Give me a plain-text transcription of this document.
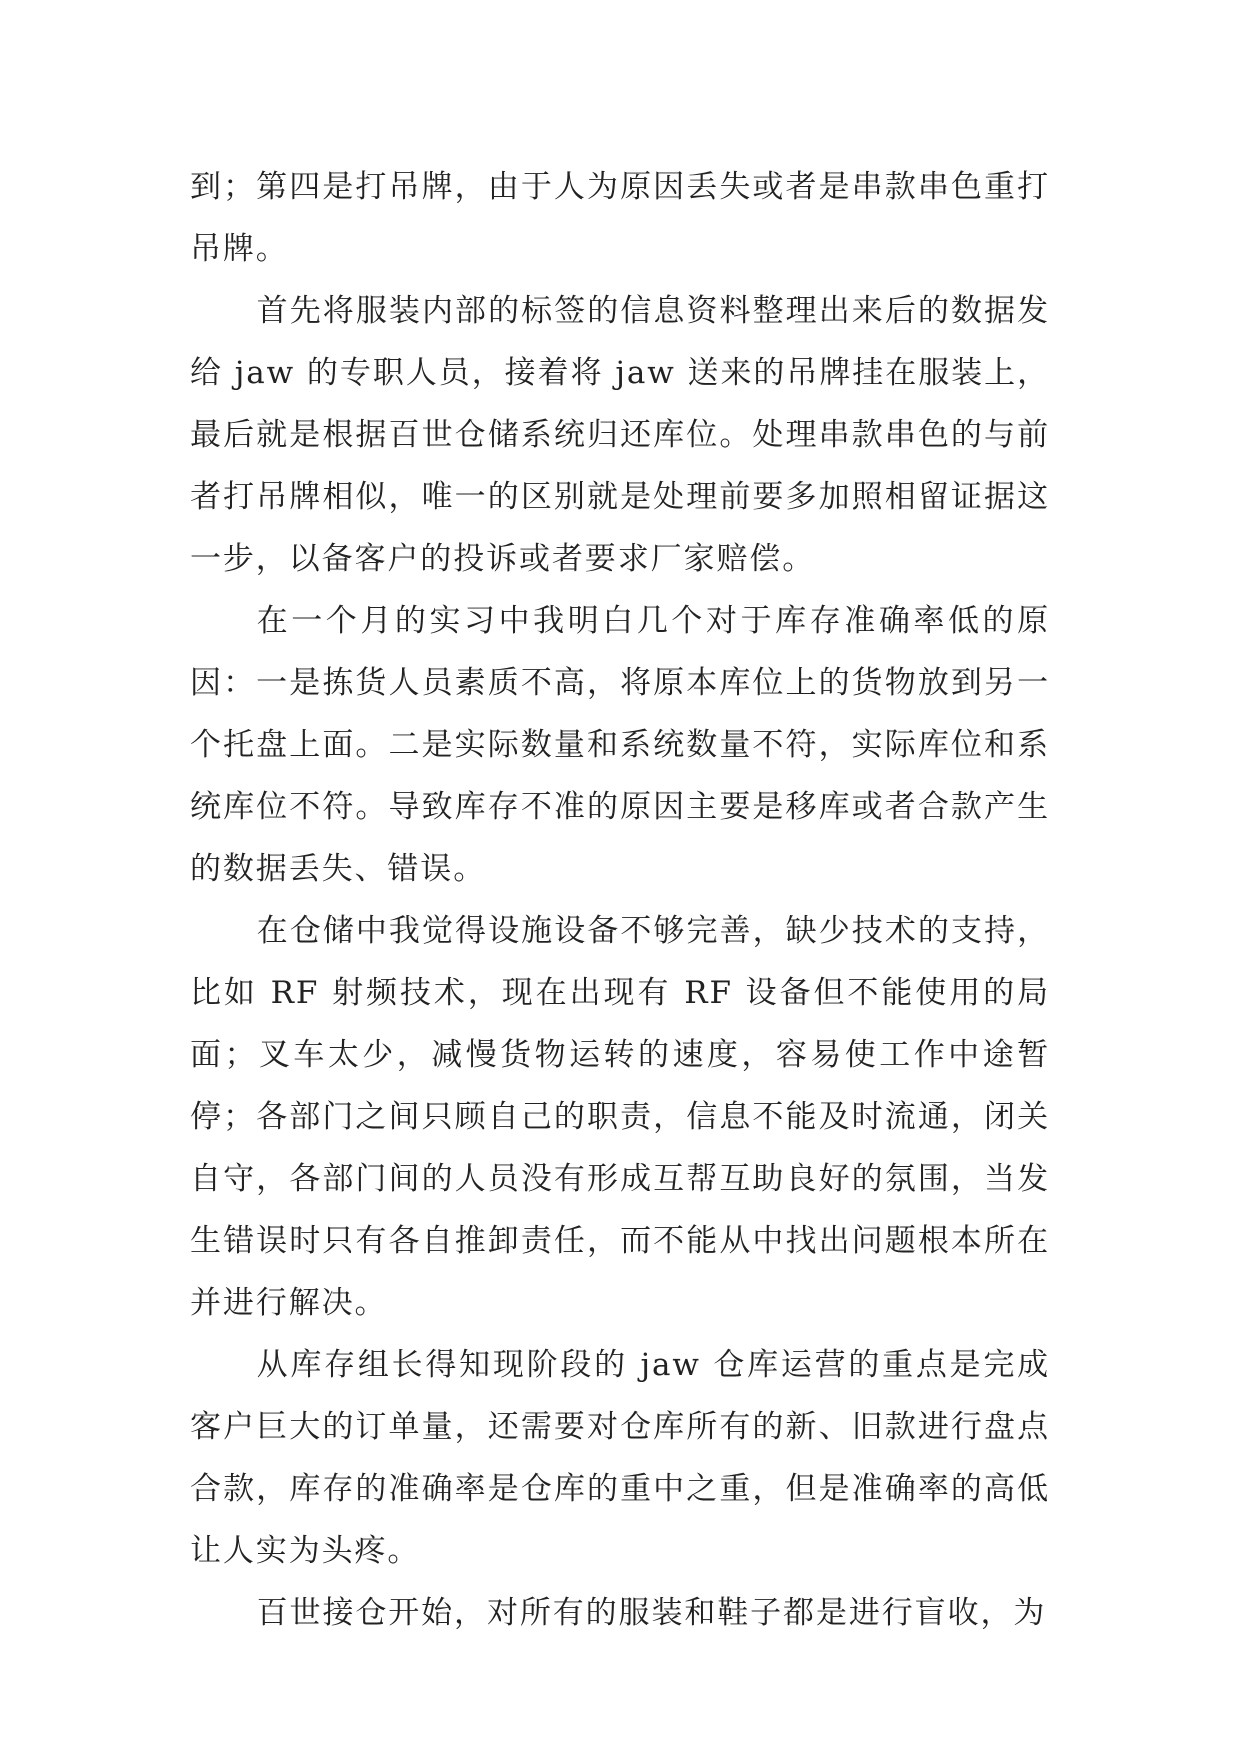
到；第四是打吊牌，由于人为原因丢失或者是串款串色重打吊牌。

首先将服装内部的标签的信息资料整理出来后的数据发给 jaw 的专职人员，接着将 jaw 送来的吊牌挂在服装上，最后就是根据百世仓储系统归还库位。处理串款串色的与前者打吊牌相似，唯一的区别就是处理前要多加照相留证据这一步，以备客户的投诉或者要求厂家赔偿。

在一个月的实习中我明白几个对于库存准确率低的原因：一是拣货人员素质不高，将原本库位上的货物放到另一个托盘上面。二是实际数量和系统数量不符，实际库位和系统库位不符。导致库存不准的原因主要是移库或者合款产生的数据丢失、错误。

在仓储中我觉得设施设备不够完善，缺少技术的支持，比如 RF 射频技术，现在出现有 RF 设备但不能使用的局面；叉车太少，减慢货物运转的速度，容易使工作中途暂停；各部门之间只顾自己的职责，信息不能及时流通，闭关自守，各部门间的人员没有形成互帮互助良好的氛围，当发生错误时只有各自推卸责任，而不能从中找出问题根本所在并进行解决。

从库存组长得知现阶段的 jaw 仓库运营的重点是完成客户巨大的订单量，还需要对仓库所有的新、旧款进行盘点合款，库存的准确率是仓库的重中之重，但是准确率的高低让人实为头疼。

百世接仓开始，对所有的服装和鞋子都是进行盲收，为
